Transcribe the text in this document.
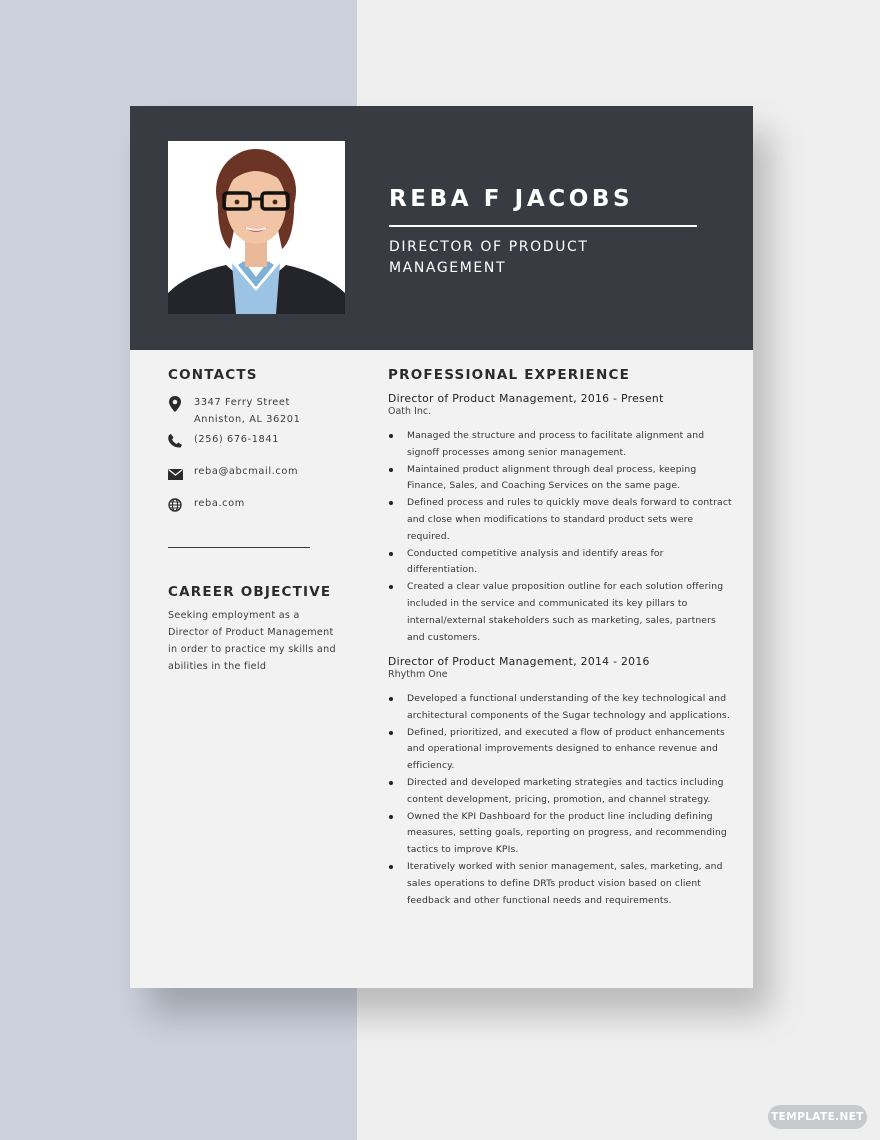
REBA F JACOBS
DIRECTOR OF PRODUCT MANAGEMENT
CONTACTS
3347 Ferry Street
Anniston, AL 36201
(256) 676-1841
reba@abcmail.com
reba.com
CAREER OBJECTIVE
Seeking employment as a Director of Product Management in order to practice my skills and abilities in the field
PROFESSIONAL EXPERIENCE
Director of Product Management, 2016 - Present
Oath Inc.
Managed the structure and process to facilitate alignment and signoff processes among senior management.
Maintained product alignment through deal process, keeping Finance, Sales, and Coaching Services on the same page.
Defined process and rules to quickly move deals forward to contract and close when modifications to standard product sets were required.
Conducted competitive analysis and identify areas for differentiation.
Created a clear value proposition outline for each solution offering included in the service and communicated its key pillars to internal/external stakeholders such as marketing, sales, partners and customers.
Director of Product Management, 2014 - 2016
Rhythm One
Developed a functional understanding of the key technological and architectural components of the Sugar technology and applications.
Defined, prioritized, and executed a flow of product enhancements and operational improvements designed to enhance revenue and efficiency.
Directed and developed marketing strategies and tactics including content development, pricing, promotion, and channel strategy.
Owned the KPI Dashboard for the product line including defining measures, setting goals, reporting on progress, and recommending tactics to improve KPIs.
Iteratively worked with senior management, sales, marketing, and sales operations to define DRTs product vision based on client feedback and other functional needs and requirements.
TEMPLATE.NET
